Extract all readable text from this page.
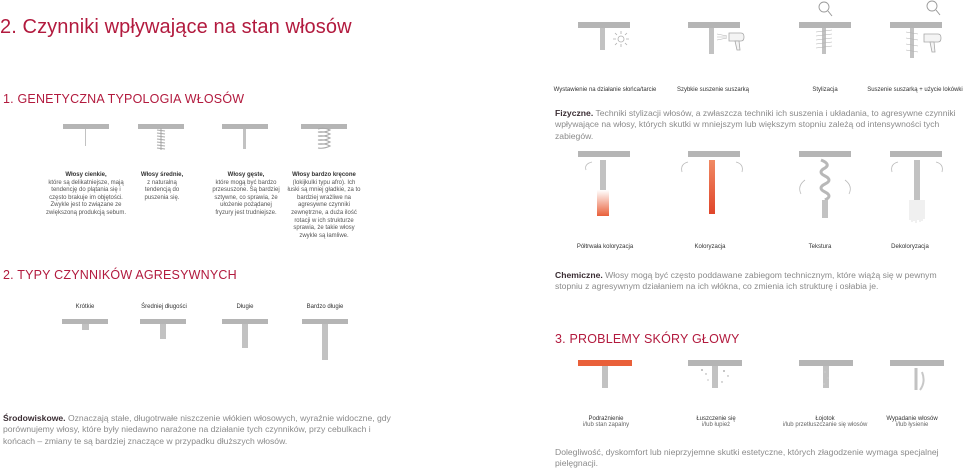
2. Czynniki wpływające na stan włosów
1. GENETYCZNA TYPOLOGIA WŁOSÓW
Włosy cienkie,
które są delikatniejsze, mają tendencję do plątania się i często brakuje im objętości. Zwykle jest to związane ze zwiększoną produkcją sebum.
Włosy średnie,
z naturalną tendencją do puszenia się.
Włosy gęste,
które mogą być bardzo przesuszone. Są bardziej sztywne, co sprawia, że ułożenie pożądanej fryzury jest trudniejsze.
Włosy bardzo kręcone
(lokijkulki typu afro). Ich łuski są mniej gładkie, za to bardziej wrażliwe na agresywne czynniki zewnętrzne, a duża ilość rotacji w ich strukturze sprawia, że takie włosy zwykle są łamliwe.
2. TYPY CZYNNIKÓW AGRESYWNYCH
Krótkie	Średniej długości	Długie	Bardzo długie

Środowiskowe. Oznaczają stałe, długotrwałe niszczenie włókien włosowych, wyraźnie widoczne, gdy porównujemy włosy, które były niedawno narażone na działanie tych czynników, przy cebulkach i końcach – zmiany te są bardziej znaczące w przypadku dłuższych włosów.

Wystawienie na działanie słońca/tarcie	Szybkie suszenie suszarką	Stylizacja	Suszenie suszarką + użycie lokówki

Fizyczne. Techniki stylizacji włosów, a zwłaszcza techniki ich suszenia i układania, to agresywne czynniki wpływające na włosy, których skutki w mniejszym lub większym stopniu zależą od intensywności tych zabiegów.

Półtrwała koloryzacja	Koloryzacja	Tekstura	Dekoloryzacja

Chemiczne. Włosy mogą być często poddawane zabiegom technicznym, które wiążą się w pewnym stopniu z agresywnym działaniem na ich włókna, co zmienia ich strukturę i osłabia je.

3. PROBLEMY SKÓRY GŁOWY
Podrażnienie
i/lub stan zapalny
Łuszczenie się
i/lub łupież
Łojotok
i/lub przetłuszczanie się włosów
Wypadanie włosów
i/lub łysienie

Dolegliwość, dyskomfort lub nieprzyjemne skutki estetyczne, których złagodzenie wymaga specjalnej pielęgnacji.
